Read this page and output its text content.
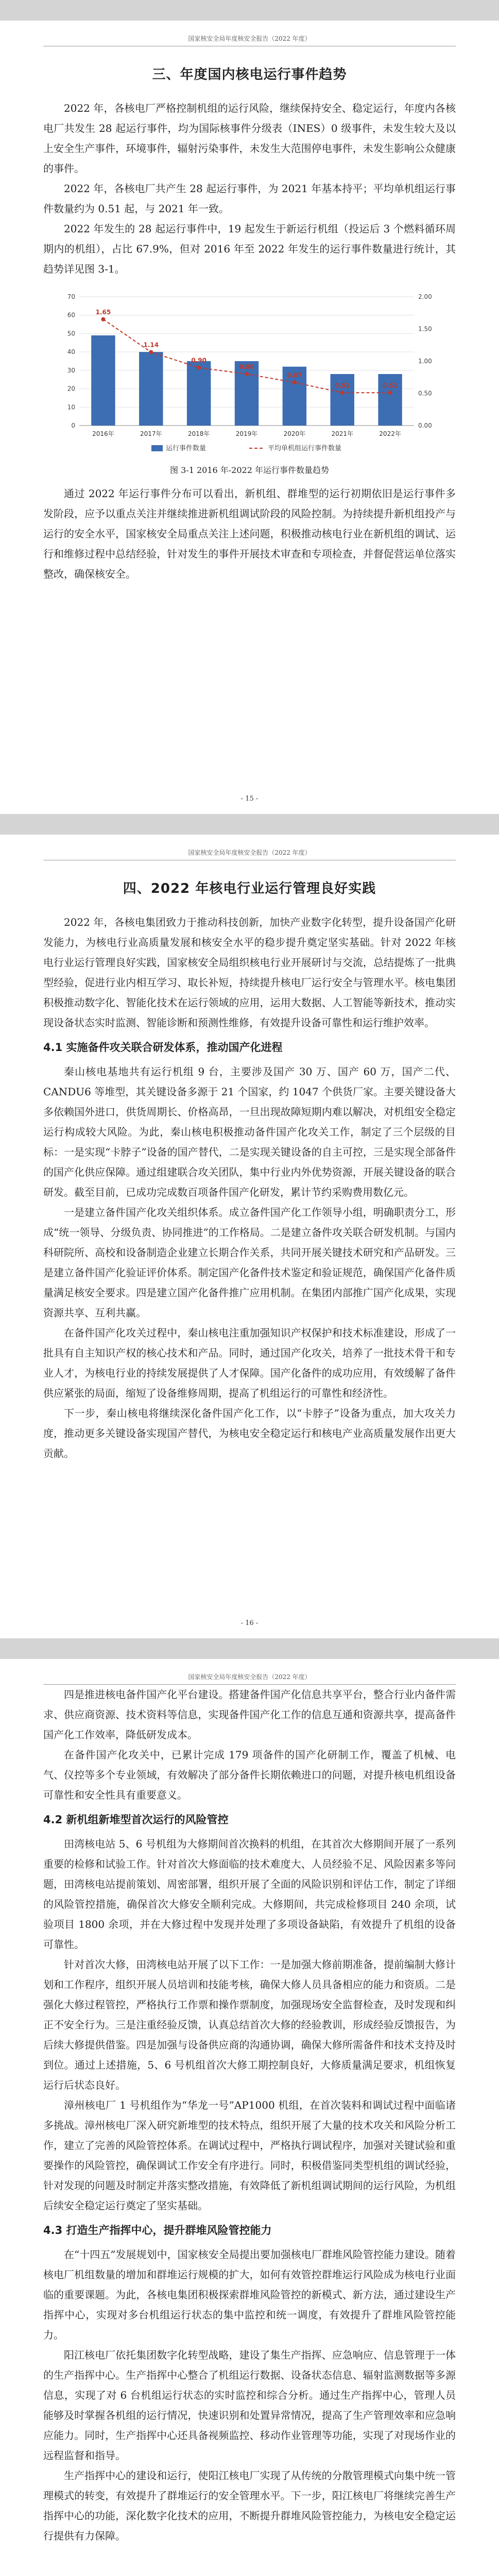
国家核安全局年度核安全报告（2022 年度）
三、年度国内核电运行事件趋势

2022 年，各核电厂严格控制机组的运行风险，继续保持安全、稳定运行，年度内各核电厂共发生 28 起运行事件，均为国际核事件分级表（INES）0 级事件，未发生较大及以上安全生产事件，环境事件，辐射污染事件，未发生大范围停电事件，未发生影响公众健康的事件。

2022 年，各核电厂共产生 28 起运行事件，为 2021 年基本持平；平均单机组运行事件数量约为 0.51 起，与 2021 年一致。

2022 年发生的 28 起运行事件中，19 起发生于新运行机组（投运后 3 个燃料循环周期内的机组），占比 67.9%，但对 2016 年至 2022 年发生的运行事件数量进行统计，其趋势详见图 3-1。

0
10
20
30
40
50
60
70
0.00
0.50
1.00
1.50
2.00
2016年	2017年	2018年	2019年	2020年	2021年	2022年
1.65
1.14
0.90
0.80
0.67
0.51	0.51
运行事件数量	平均单机组运行事件数量
图 3-1 2016 年-2022 年运行事件数量趋势

通过 2022 年运行事件分布可以看出，新机组、群堆型的运行初期依旧是运行事件多发阶段，应予以重点关注并继续推进新机组调试阶段的风险控制。为持续提升新机组投产与运行的安全水平，国家核安全局重点关注上述问题，积极推动核电行业在新机组的调试、运行和维修过程中总结经验，针对发生的事件开展技术审查和专项检查，并督促营运单位落实整改，确保核安全。

- 15 -
国家核安全局年度核安全报告（2022 年度）
四、2022 年核电行业运行管理良好实践

2022 年，各核电集团致力于推动科技创新，加快产业数字化转型，提升设备国产化研发能力，为核电行业高质量发展和核安全水平的稳步提升奠定坚实基础。针对 2022 年核电行业运行管理良好实践，国家核安全局组织核电行业开展研讨与交流，总结提炼了一批典型经验，促进行业内相互学习、取长补短，持续提升核电厂运行安全与管理水平。核电集团积极推动数字化、智能化技术在运行领域的应用，运用大数据、人工智能等新技术，推动实现设备状态实时监测、智能诊断和预测性维修，有效提升设备可靠性和运行维护效率。

4.1 实施备件攻关联合研发体系，推动国产化进程

秦山核电基地共有运行机组 9 台，主要涉及国产 30 万、国产 60 万，国产二代、CANDU6 等堆型，其关键设备多源于 21 个国家，约 1047 个供货厂家。主要关键设备大多依赖国外进口，供货周期长、价格高昂，一旦出现故障短期内难以解决，对机组安全稳定运行构成较大风险。为此，秦山核电积极推动备件国产化攻关工作，制定了三个层级的目标：一是实现“卡脖子”设备的国产替代，二是实现关键设备的自主可控，三是实现全部备件的国产化供应保障。通过组建联合攻关团队，集中行业内外优势资源，开展关键设备的联合研发。截至目前，已成功完成数百项备件国产化研发，累计节约采购费用数亿元。

一是建立备件国产化攻关组织体系。成立备件国产化工作领导小组，明确职责分工，形成“统一领导、分级负责、协同推进”的工作格局。二是建立备件攻关联合研发机制。与国内科研院所、高校和设备制造企业建立长期合作关系，共同开展关键技术研究和产品研发。三是建立备件国产化验证评价体系。制定国产化备件技术鉴定和验证规范，确保国产化备件质量满足核安全要求。四是建立国产化备件推广应用机制。在集团内部推广国产化成果，实现资源共享、互利共赢。

在备件国产化攻关过程中，秦山核电注重加强知识产权保护和技术标准建设，形成了一批具有自主知识产权的核心技术和产品。同时，通过国产化攻关，培养了一批技术骨干和专业人才，为核电行业的持续发展提供了人才保障。国产化备件的成功应用，有效缓解了备件供应紧张的局面，缩短了设备维修周期，提高了机组运行的可靠性和经济性。

下一步，秦山核电将继续深化备件国产化工作，以“卡脖子”设备为重点，加大攻关力度，推动更多关键设备实现国产替代，为核电安全稳定运行和核电产业高质量发展作出更大贡献。

- 16 -
国家核安全局年度核安全报告（2022 年度）

四是推进核电备件国产化平台建设。搭建备件国产化信息共享平台，整合行业内备件需求、供应商资源、技术资料等信息，实现备件国产化工作的信息互通和资源共享，提高备件国产化工作效率，降低研发成本。

在备件国产化攻关中，已累计完成 179 项备件的国产化研制工作，覆盖了机械、电气、仪控等多个专业领域，有效解决了部分备件长期依赖进口的问题，对提升核电机组设备可靠性和安全性具有重要意义。

4.2 新机组新堆型首次运行的风险管控

田湾核电站 5、6 号机组为大修期间首次换料的机组，在其首次大修期间开展了一系列重要的检修和试验工作。针对首次大修面临的技术难度大、人员经验不足、风险因素多等问题，田湾核电站提前策划、周密部署，组织开展了全面的风险识别和评估工作，制定了详细的风险管控措施，确保首次大修安全顺利完成。大修期间，共完成检修项目 240 余项，试验项目 1800 余项，并在大修过程中发现并处理了多项设备缺陷，有效提升了机组的设备可靠性。

针对首次大修，田湾核电站开展了以下工作：一是加强大修前期准备，提前编制大修计划和工作程序，组织开展人员培训和技能考核，确保大修人员具备相应的能力和资质。二是强化大修过程管控，严格执行工作票和操作票制度，加强现场安全监督检查，及时发现和纠正不安全行为。三是注重经验反馈，认真总结首次大修的经验教训，形成经验反馈报告，为后续大修提供借鉴。四是加强与设备供应商的沟通协调，确保大修所需备件和技术支持及时到位。通过上述措施，5、6 号机组首次大修工期控制良好，大修质量满足要求，机组恢复运行后状态良好。

漳州核电厂 1 号机组作为“华龙一号”AP1000 机组，在首次装料和调试过程中面临诸多挑战。漳州核电厂深入研究新堆型的技术特点，组织开展了大量的技术攻关和风险分析工作，建立了完善的风险管控体系。在调试过程中，严格执行调试程序，加强对关键试验和重要操作的风险管控，确保调试工作安全有序进行。同时，积极借鉴同类型机组的调试经验，针对发现的问题及时制定并落实整改措施，有效降低了新机组调试期间的运行风险，为机组后续安全稳定运行奠定了坚实基础。

4.3 打造生产指挥中心，提升群堆风险管控能力

在“十四五”发展规划中，国家核安全局提出要加强核电厂群堆风险管控能力建设。随着核电厂机组数量的增加和群堆运行规模的扩大，如何有效管控群堆运行风险成为核电行业面临的重要课题。为此，各核电集团积极探索群堆风险管控的新模式、新方法，通过建设生产指挥中心，实现对多台机组运行状态的集中监控和统一调度，有效提升了群堆风险管控能力。

阳江核电厂依托集团数字化转型战略，建设了集生产指挥、应急响应、信息管理于一体的生产指挥中心。生产指挥中心整合了机组运行数据、设备状态信息、辐射监测数据等多源信息，实现了对 6 台机组运行状态的实时监控和综合分析。通过生产指挥中心，管理人员能够及时掌握各机组的运行情况，快速识别和处置异常情况，提高了生产管理效率和应急响应能力。同时，生产指挥中心还具备视频监控、移动作业管理等功能，实现了对现场作业的远程监督和指导。

生产指挥中心的建设和运行，使阳江核电厂实现了从传统的分散管理模式向集中统一管理模式的转变，有效提升了群堆运行的安全管理水平。下一步，阳江核电厂将继续完善生产指挥中心的功能，深化数字化技术的应用，不断提升群堆风险管控能力，为核电安全稳定运行提供有力保障。
